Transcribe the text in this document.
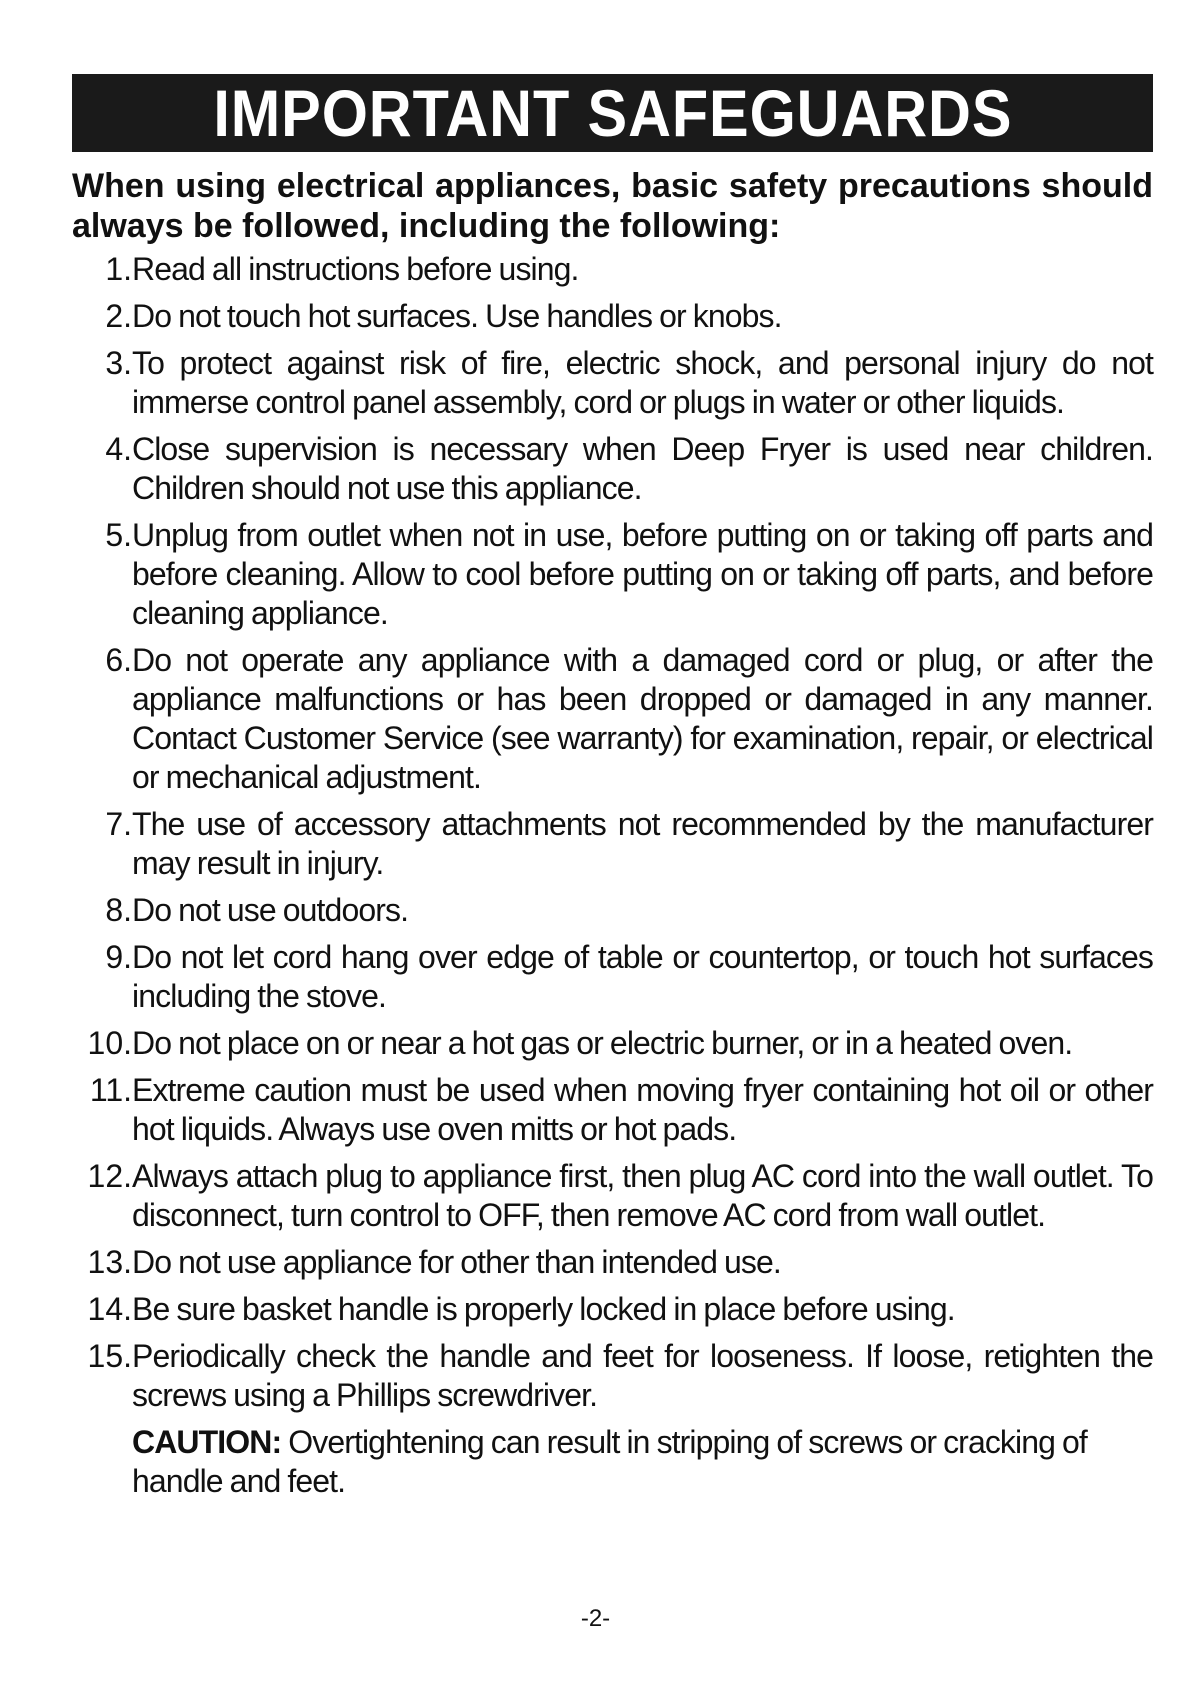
IMPORTANT SAFEGUARDS

When using electrical appliances, basic safety precautions should always be followed, including the following:

1. Read all instructions before using.
2. Do not touch hot surfaces. Use handles or knobs.
3. To protect against risk of fire, electric shock, and personal injury do not immerse control panel assembly, cord or plugs in water or other liquids.
4. Close supervision is necessary when Deep Fryer is used near children. Children should not use this appliance.
5. Unplug from outlet when not in use, before putting on or taking off parts and before cleaning. Allow to cool before putting on or taking off parts, and before cleaning appliance.
6. Do not operate any appliance with a damaged cord or plug, or after the appliance malfunctions or has been dropped or damaged in any manner. Contact Customer Service (see warranty) for examination, repair, or electrical or mechanical adjustment.
7. The use of accessory attachments not recommended by the manufacturer may result in injury.
8. Do not use outdoors.
9. Do not let cord hang over edge of table or countertop, or touch hot surfaces including the stove.
10. Do not place on or near a hot gas or electric burner, or in a heated oven.
11. Extreme caution must be used when moving fryer containing hot oil or other hot liquids. Always use oven mitts or hot pads.
12. Always attach plug to appliance first, then plug AC cord into the wall outlet. To disconnect, turn control to OFF, then remove AC cord from wall outlet.
13. Do not use appliance for other than intended use.
14. Be sure basket handle is properly locked in place before using.
15. Periodically check the handle and feet for looseness. If loose, retighten the screws using a Phillips screwdriver.
CAUTION: Overtightening can result in stripping of screws or cracking of handle and feet.
-2-
